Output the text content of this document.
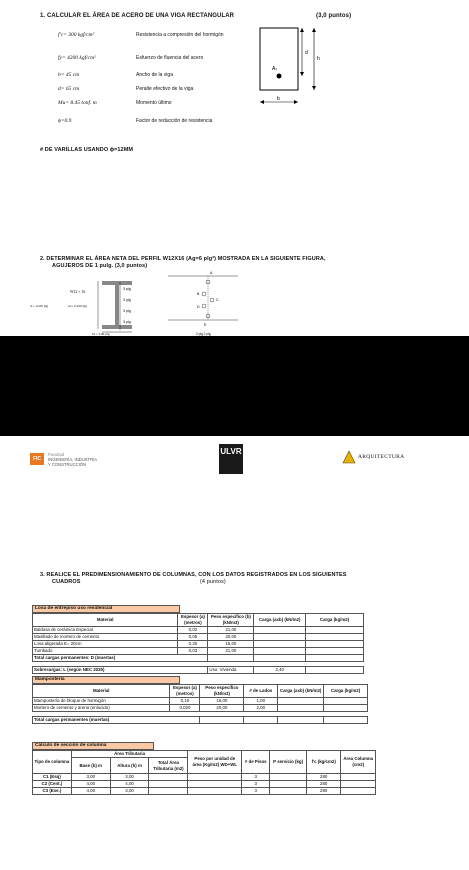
1. CALCULAR EL ÁREA DE ACERO DE UNA VIGA RECTANGULAR	(3,0 puntos)
f'c= 300 kgf/cm²	Resistencia a compresión del hormigón
fy= 4200 kgf/cm²	Esfuerzo de fluencia del acero
b= 45 cm	Ancho de la viga
d= 65 cm	Peralte efectivo de la viga
Mu= 8.45 tonf. m	Momento último
ϕ=0.9	Factor de reducción de resistencia
d
h
Aₛ
b
# DE VARILLAS USANDO ϕ=12MM
2. DETERMINAR EL ÁREA NETA DEL PERFIL W12X16 (Ag=6 plg²) MOSTRADA EN LA SIGUIENTE FIGURA,
AGUJEROS DE 1 pulg. (3,0 puntos)
W12 × 16
d = 12.00 plg	tw= 0.220 plg
bf = 3.99 plg
3 plg
3 plg
3 plg
3 plg
A
B
C
D
E
2 plg 2 plg
FIC
Facultad
INGENIERÍA, INDUSTRIA
Y CONSTRUCCIÓN
ULVR
ARQUITECTURA
3. REALICE EL PREDIMENSIONAMIENTO DE COLUMNAS, CON LOS DATOS REGISTRADOS EN LOS SIGUIENTES
CUADROS	(4 puntos)
Losa de entrepiso uso residencial
Material	Espesor (a) (metros)	Peso específico (b) (kN/m3)	Carga (axb) (kN/m2)	Carga (kg/m2)
Baldosa de cerámica Especial	0,02	21,00		
Masillado de mortero de cemento	0,05	20,00		
Losa aligerada E= 20cm	0,20	15,00		
Tumbado	0,03	21,00		
Total cargas permanentes: D (muertas)				

Sobrecargas: L (según NEC 2025)		Uso: Vivienda	2,40	
Mampostería
Material	Espesor (a) (metros)	Peso específico (kN/m3)	# de Lados	Carga (axb) (kN/m2)	Carga (kg/m2)
Mampostería de bloque de hormigón	0,10	16,00	1,00		
Mortero de cemento y arena (enlucido)	0,020	20,00	2,00		

Total cargas permanentes (muertas)					
Cálculo de sección de columna
Tipo de columna	Área Tributaria			Peso por unidad de área (Kg/m2) WD+WL	# de Pisos	P servicio (kg)	f'c (kg/cm2)	Área Columna (cm2)
	Base (b) m	Altura (h) m	Total Área Tributaria (m2)					
C1 (Esq)	3,00	3,00			3		280	
C2 (Cent.)	4,00	4,00			3		280	
C3 (Exe.)	4,00	3,00			3		280	
